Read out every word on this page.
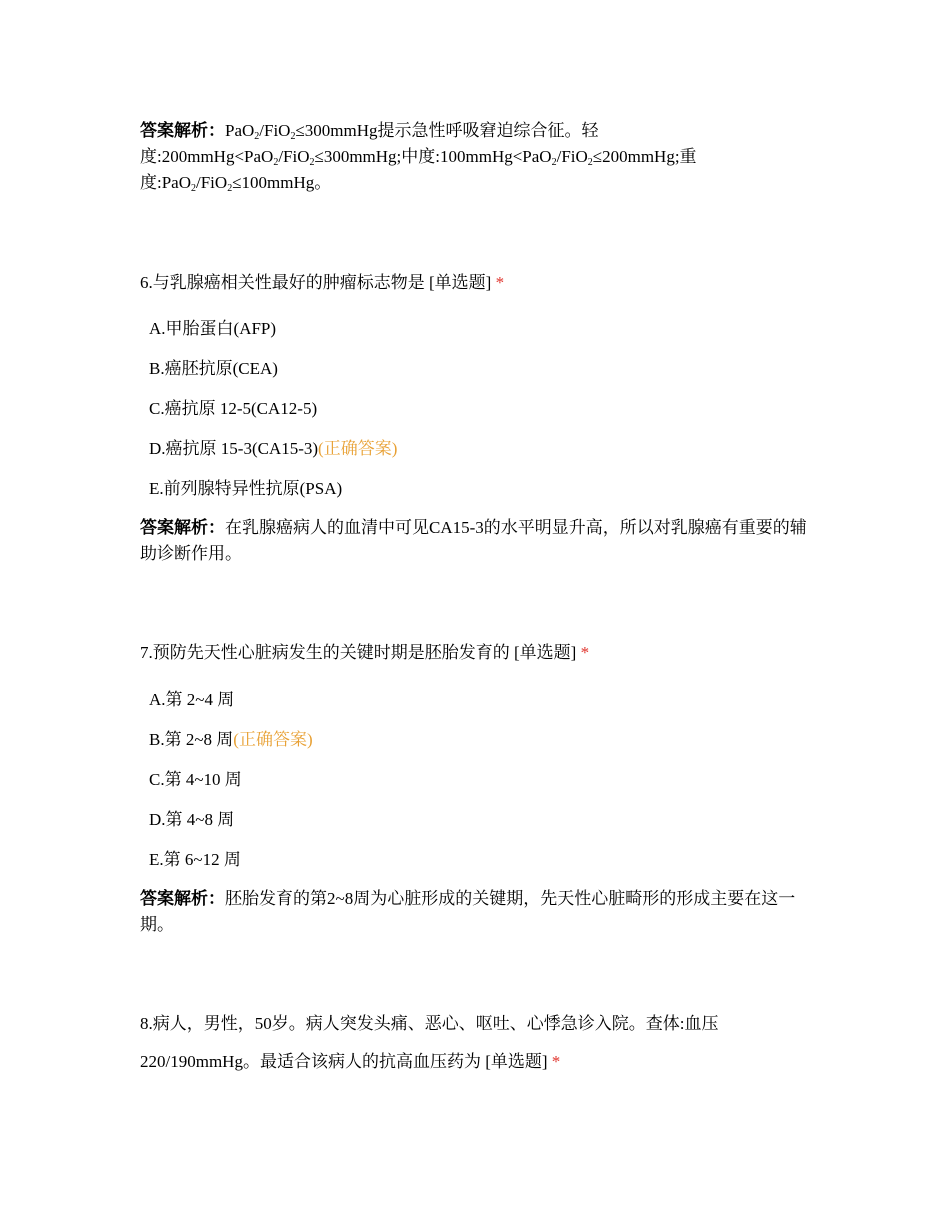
答案解析：PaO$_2$/FiO$_2$≤300mmHg提示急性呼吸窘迫综合征。轻度:200mmHg<PaO$_2$/FiO$_2$≤300mmHg;中度:100mmHg<PaO$_2$/FiO$_2$≤200mmHg;重度:PaO$_2$/FiO$_2$≤100mmHg。
6.与乳腺癌相关性最好的肿瘤标志物是 [单选题] *
A.甲胎蛋白(AFP)
B.癌胚抗原(CEA)
C.癌抗原 12-5(CA12-5)
D.癌抗原 15-3(CA15-3)(正确答案)
E.前列腺特异性抗原(PSA)
答案解析：在乳腺癌病人的血清中可见CA15-3的水平明显升高，所以对乳腺癌有重要的辅助诊断作用。
7.预防先天性心脏病发生的关键时期是胚胎发育的 [单选题] *
A.第 2~4 周
B.第 2~8 周(正确答案)
C.第 4~10 周
D.第 4~8 周
E.第 6~12 周
答案解析：胚胎发育的第2~8周为心脏形成的关键期，先天性心脏畸形的形成主要在这一期。
8.病人，男性，50岁。病人突发头痛、恶心、呕吐、心悸急诊入院。查体:血压220/190mmHg。最适合该病人的抗高血压药为 [单选题] *
